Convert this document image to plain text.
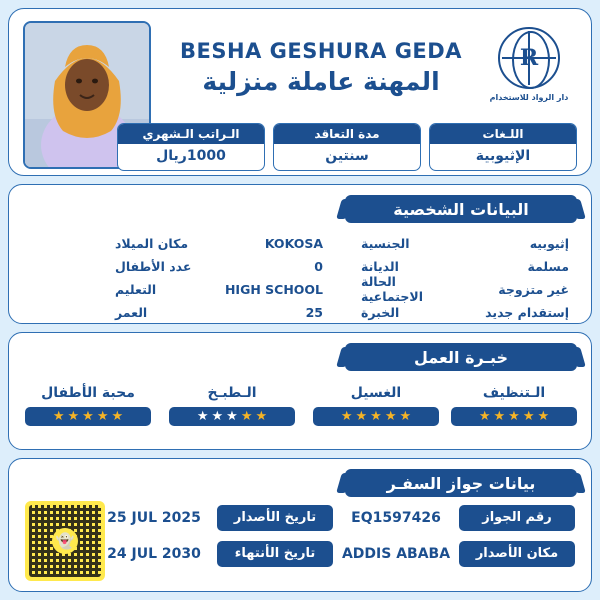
R
دار الرواد للاستخدام
BESHA GESHURA GEDA
المهنة عاملة منزلية
اللـغات
الإثيوبية
مدة التعاقد
سنتين
الـراتب الـشهري
1000ريال
البيانات الشخصية
إثيوبيه
الجنسية
مسلمة
الديانة
غير متزوجة
الحالة الاجتماعية
إستقدام جديد
الخبرة
KOKOSA
مكان الميلاد
0
عدد الأطفال
HIGH SCHOOL
التعليم
25
العمر
خبـرة العمل
الـتنظيف
★
★
★
★
★
الغسيل
★
★
★
★
★
الـطبـخ
★
★
★
★
★
محبة الأطفال
★
★
★
★
★
بيانات جواز السفـر
👻
رقم الجواز
EQ1597426
مكان الأصدار
ADDIS ABABA
تاريخ الأصدار
25 JUL 2025
تاريخ الأنتهاء
24 JUL 2030
